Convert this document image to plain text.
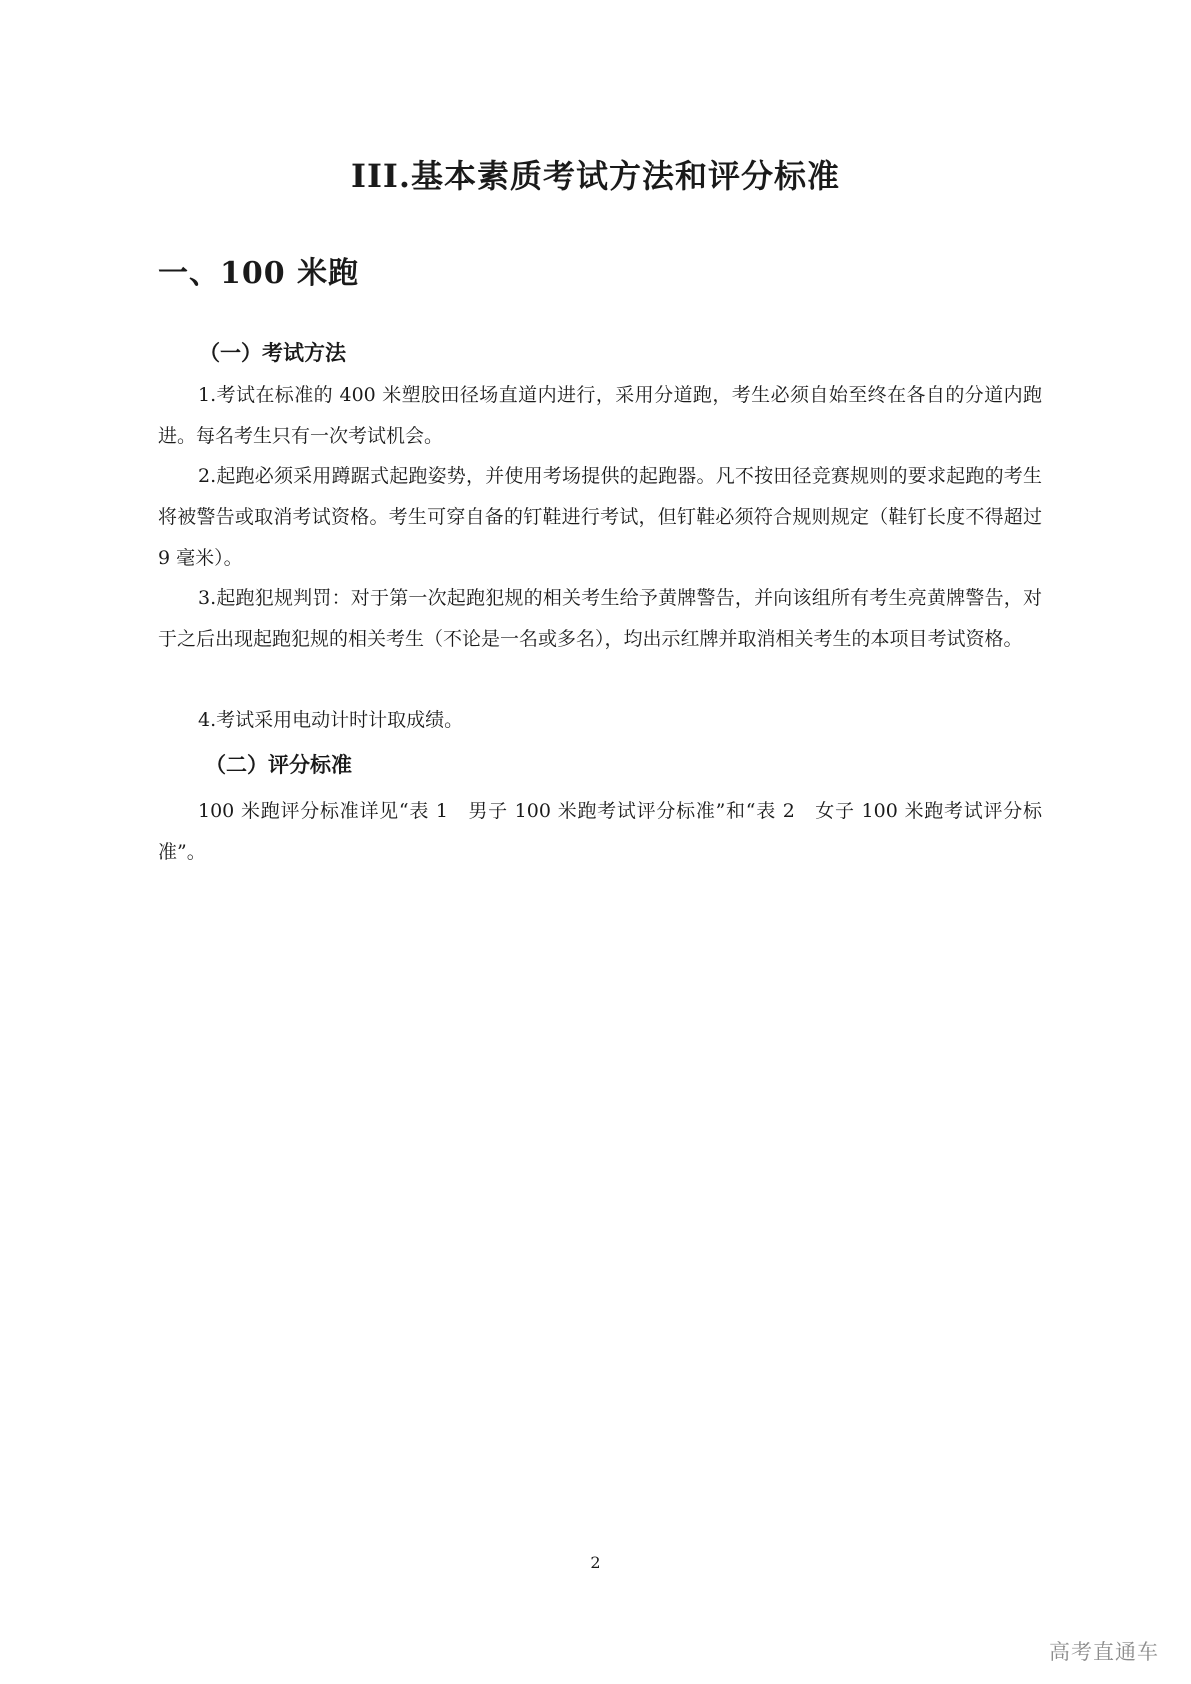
III.基本素质考试方法和评分标准
一、100 米跑
（一）考试方法

1.考试在标准的 400 米塑胶田径场直道内进行，采用分道跑，考生必须自始至终在各自的分道内跑进。每名考生只有一次考试机会。

2.起跑必须采用蹲踞式起跑姿势，并使用考场提供的起跑器。凡不按田径竞赛规则的要求起跑的考生将被警告或取消考试资格。考生可穿自备的钉鞋进行考试，但钉鞋必须符合规则规定（鞋钉长度不得超过 9 毫米）。

3.起跑犯规判罚：对于第一次起跑犯规的相关考生给予黄牌警告，并向该组所有考生亮黄牌警告，对于之后出现起跑犯规的相关考生（不论是一名或多名），均出示红牌并取消相关考生的本项目考试资格。

4.考试采用电动计时计取成绩。

（二）评分标准

100 米跑评分标准详见“表 1　男子 100 米跑考试评分标准”和“表 2　女子 100 米跑考试评分标准”。

2
高考直通车
